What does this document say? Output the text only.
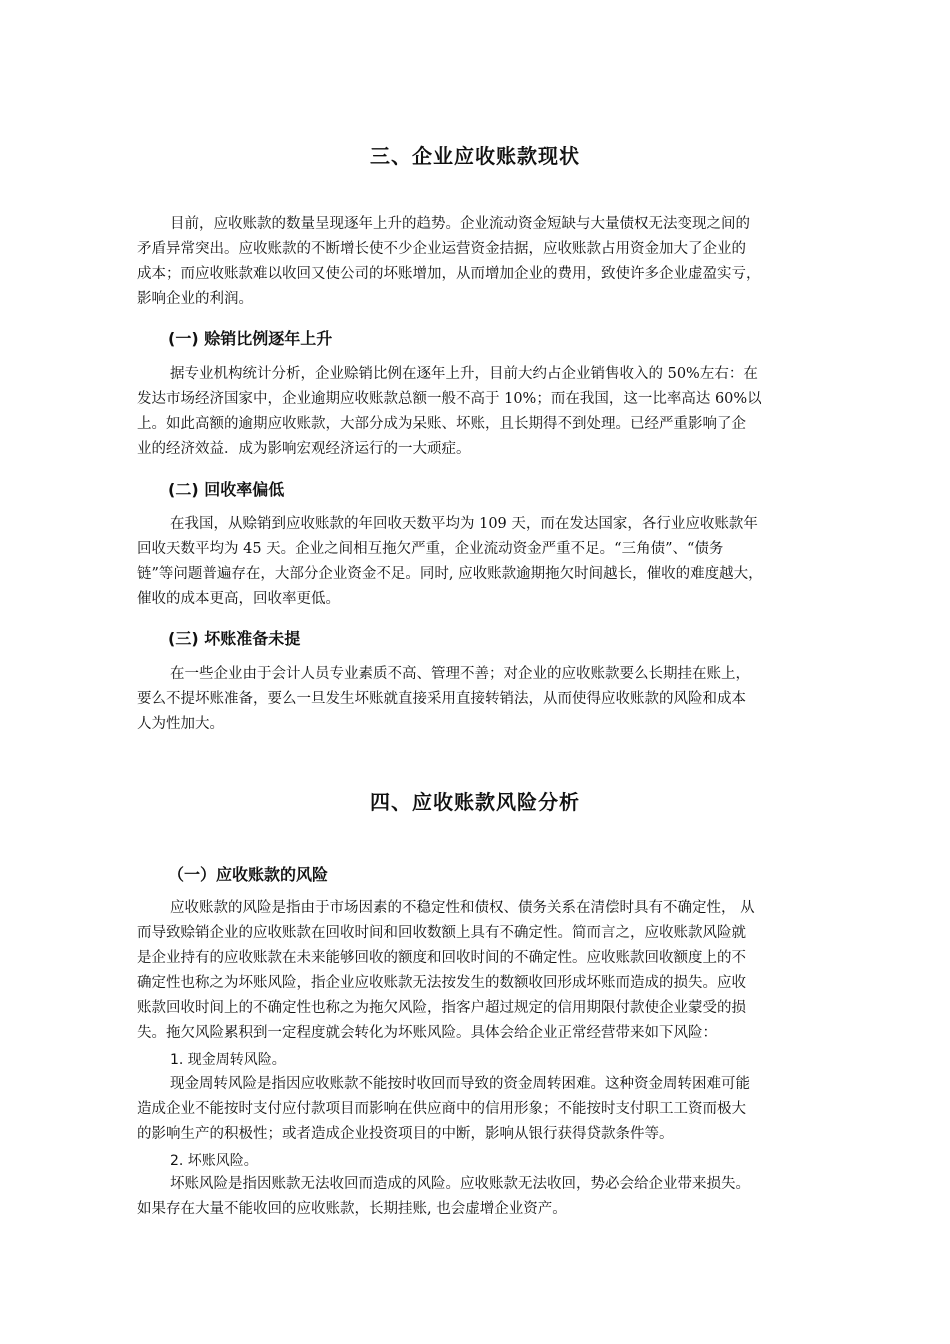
三、企业应收账款现状
目前，应收账款的数量呈现逐年上升的趋势。企业流动资金短缺与大量债权无法变现之间的
矛盾异常突出。应收账款的不断增长使不少企业运营资金拮据，应收账款占用资金加大了企业的
成本；而应收账款难以收回又使公司的坏账增加，从而增加企业的费用，致使许多企业虚盈实亏，
影响企业的利润。
(一) 赊销比例逐年上升
据专业机构统计分析，企业赊销比例在逐年上升，目前大约占企业销售收入的 50%左右：在
发达市场经济国家中，企业逾期应收账款总额一般不高于 10%；而在我国，这一比率高达 60%以
上。如此高额的逾期应收账款，大部分成为呆账、坏账，且长期得不到处理。已经严重影响了企
业的经济效益．成为影响宏观经济运行的一大顽症。
(二) 回收率偏低
在我国，从赊销到应收账款的年回收天数平均为 109 天，而在发达国家，各行业应收账款年
回收天数平均为 45 天。企业之间相互拖欠严重，企业流动资金严重不足。“三角债”、“债务
链”等问题普遍存在，大部分企业资金不足。同时, 应收账款逾期拖欠时间越长，催收的难度越大，
催收的成本更高，回收率更低。
(三) 坏账准备未提
在一些企业由于会计人员专业素质不高、管理不善；对企业的应收账款要么长期挂在账上，
要么不提坏账准备，要么一旦发生坏账就直接采用直接转销法，从而使得应收账款的风险和成本
人为性加大。
四、应收账款风险分析
（一）应收账款的风险
应收账款的风险是指由于市场因素的不稳定性和债权、债务关系在清偿时具有不确定性， 从
而导致赊销企业的应收账款在回收时间和回收数额上具有不确定性。简而言之，应收账款风险就
是企业持有的应收账款在未来能够回收的额度和回收时间的不确定性。应收账款回收额度上的不
确定性也称之为坏账风险，指企业应收账款无法按发生的数额收回形成坏账而造成的损失。应收
账款回收时间上的不确定性也称之为拖欠风险，指客户超过规定的信用期限付款使企业蒙受的损
失。拖欠风险累积到一定程度就会转化为坏账风险。具体会给企业正常经营带来如下风险：
1. 现金周转风险。
现金周转风险是指因应收账款不能按时收回而导致的资金周转困难。这种资金周转困难可能
造成企业不能按时支付应付款项目而影响在供应商中的信用形象；不能按时支付职工工资而极大
的影响生产的积极性；或者造成企业投资项目的中断，影响从银行获得贷款条件等。
2. 坏账风险。
坏账风险是指因账款无法收回而造成的风险。应收账款无法收回，势必会给企业带来损失。
如果存在大量不能收回的应收账款，长期挂账, 也会虚增企业资产。
